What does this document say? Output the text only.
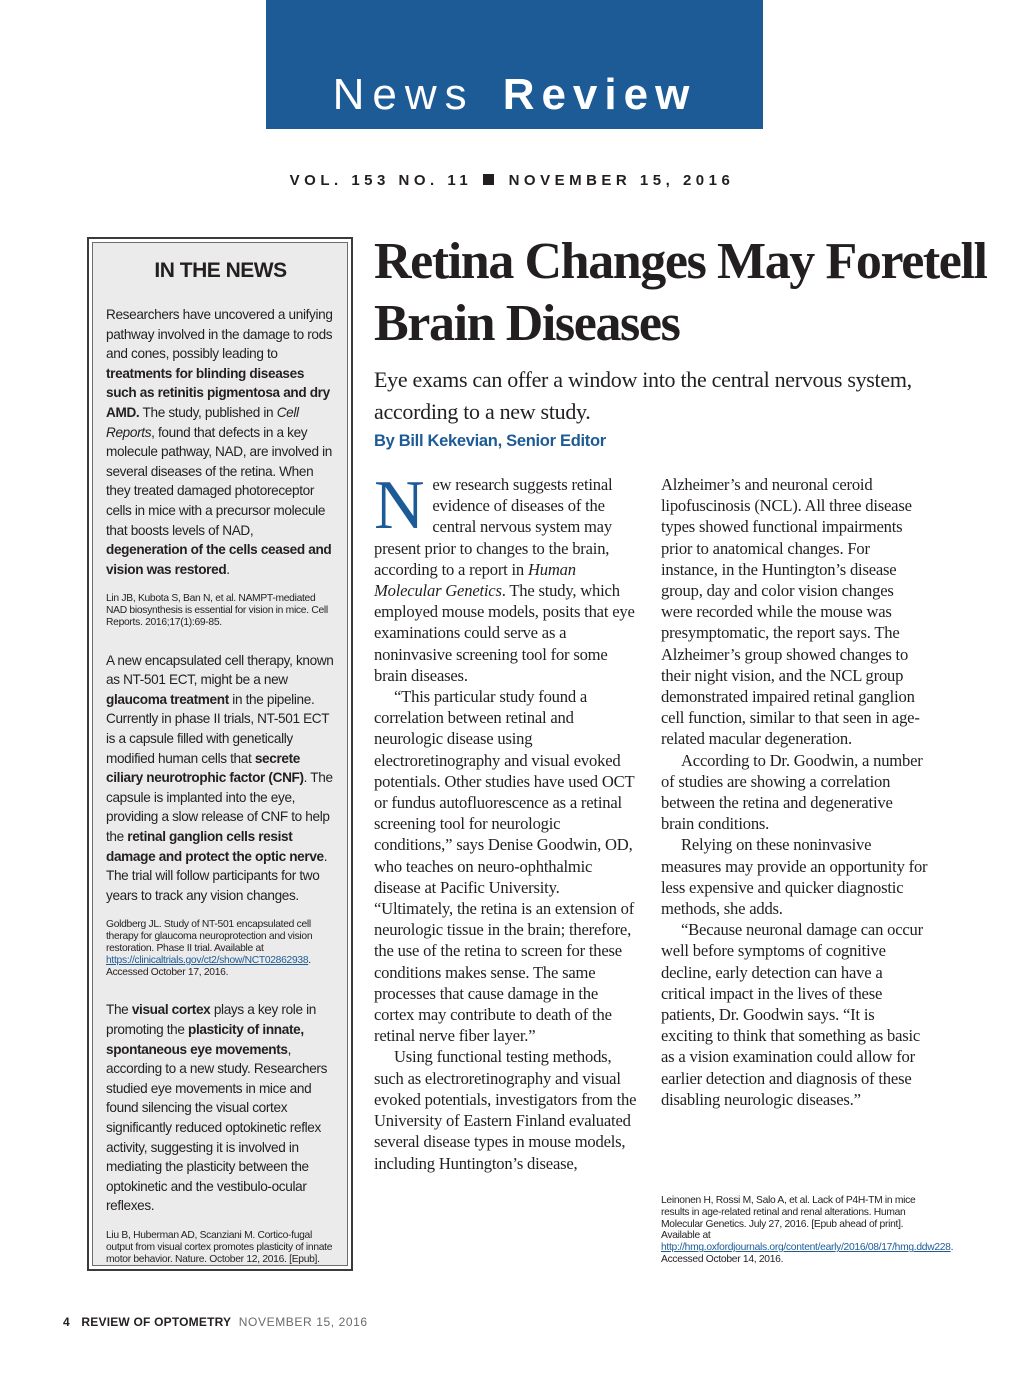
News Review
VOL. 153 NO. 11 NOVEMBER 15, 2016
IN THE NEWS

Researchers have uncovered a unifying pathway involved in the damage to rods and cones, possibly leading to treatments for blinding diseases such as retinitis pigmentosa and dry AMD. The study, published in Cell Reports, found that defects in a key molecule pathway, NAD, are involved in several diseases of the retina. When they treated damaged photoreceptor cells in mice with a precursor molecule that boosts levels of NAD, degeneration of the cells ceased and vision was restored.

Lin JB, Kubota S, Ban N, et al. NAMPT-mediated NAD biosynthesis is essential for vision in mice. Cell Reports. 2016;17(1):69-85.

A new encapsulated cell therapy, known as NT-501 ECT, might be a new glaucoma treatment in the pipeline. Currently in phase II trials, NT-501 ECT is a capsule filled with genetically modified human cells that secrete ciliary neurotrophic factor (CNF). The capsule is implanted into the eye, providing a slow release of CNF to help the retinal ganglion cells resist damage and protect the optic nerve. The trial will follow participants for two years to track any vision changes.

Goldberg JL. Study of NT-501 encapsulated cell therapy for glaucoma neuroprotection and vision restoration. Phase II trial. Available at https://clinicaltrials.gov/ct2/show/NCT02862938. Accessed October 17, 2016.

The visual cortex plays a key role in promoting the plasticity of innate, spontaneous eye movements, according to a new study. Researchers studied eye movements in mice and found silencing the visual cortex significantly reduced optokinetic reflex activity, suggesting it is involved in mediating the plasticity between the optokinetic and the vestibulo-ocular reflexes.

Liu B, Huberman AD, Scanziani M. Cortico-fugal output from visual cortex promotes plasticity of innate motor behavior. Nature. October 12, 2016. [Epub].

Retina Changes May Foretell Brain Diseases

Eye exams can offer a window into the central nervous system, according to a new study.

By Bill Kekevian, Senior Editor

New research suggests retinal evidence of diseases of the central nervous system may present prior to changes to the brain, according to a report in Human Molecular Genetics. The study, which employed mouse models, posits that eye examinations could serve as a noninvasive screening tool for some brain diseases.

“This particular study found a correlation between retinal and neurologic disease using electroretinography and visual evoked potentials. Other studies have used OCT or fundus autofluorescence as a retinal screening tool for neurologic conditions,” says Denise Goodwin, OD, who teaches on neuro-ophthalmic disease at Pacific University. “Ultimately, the retina is an extension of neurologic tissue in the brain; therefore, the use of the retina to screen for these conditions makes sense. The same processes that cause damage in the cortex may contribute to death of the retinal nerve fiber layer.”

Using functional testing methods, such as electroretinography and visual evoked potentials, investigators from the University of Eastern Finland evaluated several disease types in mouse models, including Huntington’s disease,

Alzheimer’s and neuronal ceroid lipofuscinosis (NCL). All three disease types showed functional impairments prior to anatomical changes. For instance, in the Huntington’s disease group, day and color vision changes were recorded while the mouse was presymptomatic, the report says. The Alzheimer’s group showed changes to their night vision, and the NCL group demonstrated impaired retinal ganglion cell function, similar to that seen in age-related macular degeneration.

According to Dr. Goodwin, a number of studies are showing a correlation between the retina and degenerative brain conditions.

Relying on these noninvasive measures may provide an opportunity for less expensive and quicker diagnostic methods, she adds.

“Because neuronal damage can occur well before symptoms of cognitive decline, early detection can have a critical impact in the lives of these patients, Dr. Goodwin says. “It is exciting to think that something as basic as a vision examination could allow for earlier detection and diagnosis of these disabling neurologic diseases.”

Leinonen H, Rossi M, Salo A, et al. Lack of P4H-TM in mice results in age-related retinal and renal alterations. Human Molecular Genetics. July 27, 2016. [Epub ahead of print]. Available at http://hmg.oxfordjournals.org/content/early/2016/08/17/hmg.ddw228. Accessed October 14, 2016.
4 REVIEW OF OPTOMETRY NOVEMBER 15, 2016
